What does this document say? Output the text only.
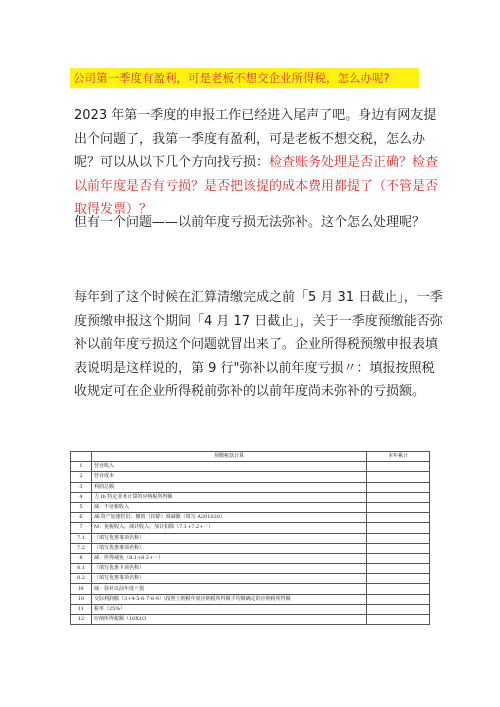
公司第一季度有盈利，可是老板不想交企业所得税，怎么办呢?

2023 年第一季度的申报工作已经进入尾声了吧。身边有网友提出个问题了，我第一季度有盈利，可是老板不想交税，怎么办呢？可以从以下几个方向找亏损：检查账务处理是否正确？检查以前年度是否有亏损？是否把该提的成本费用都提了（不管是否取得发票）？

但有一个问题——以前年度亏损无法弥补。这个怎么处理呢？

每年到了这个时候在汇算清缴完成之前「5 月 31 日截止」，一季度预缴申报这个期间「4 月 17 日截止」，关于一季度预缴能否弥补以前年度亏损这个问题就冒出来了。企业所得税预缴申报表填表说明是这样说的，第 9 行"弥补以前年度亏损〃：填报按照税收规定可在企业所得税前弥补的以前年度尚未弥补的亏损额。

	预缴税款计算	本年累计
1	营业收入	
2	营业成本	
3	利润总额	
4	力 Ih 特定业务计算的应纳税所得额	
5	减：不征税收入	
6	减:资产加速折旧、摊销（扣除）调减额（填写 A201020）	
7	M：免税收入、减计收入、加计扣除（7.1+7.2+⋯）	
7.1	（填写优惠事项名称）	
7.2	（填写优惠事项名称）	
8	减：所得减免（8.1+8.2+⋯）	
8.1	（填写优惠卡项名称）	
8.2	（填写优惠事项名称）	
I9	减：弥补以前年度〃损	
10	交际利润额（3+4-5-6-7-8-9）\按照上纳税年度应纳税所得额平均额确定的应纳税所得额	
11	税率（25%）	
12	应纳所得税额（10X1O	
